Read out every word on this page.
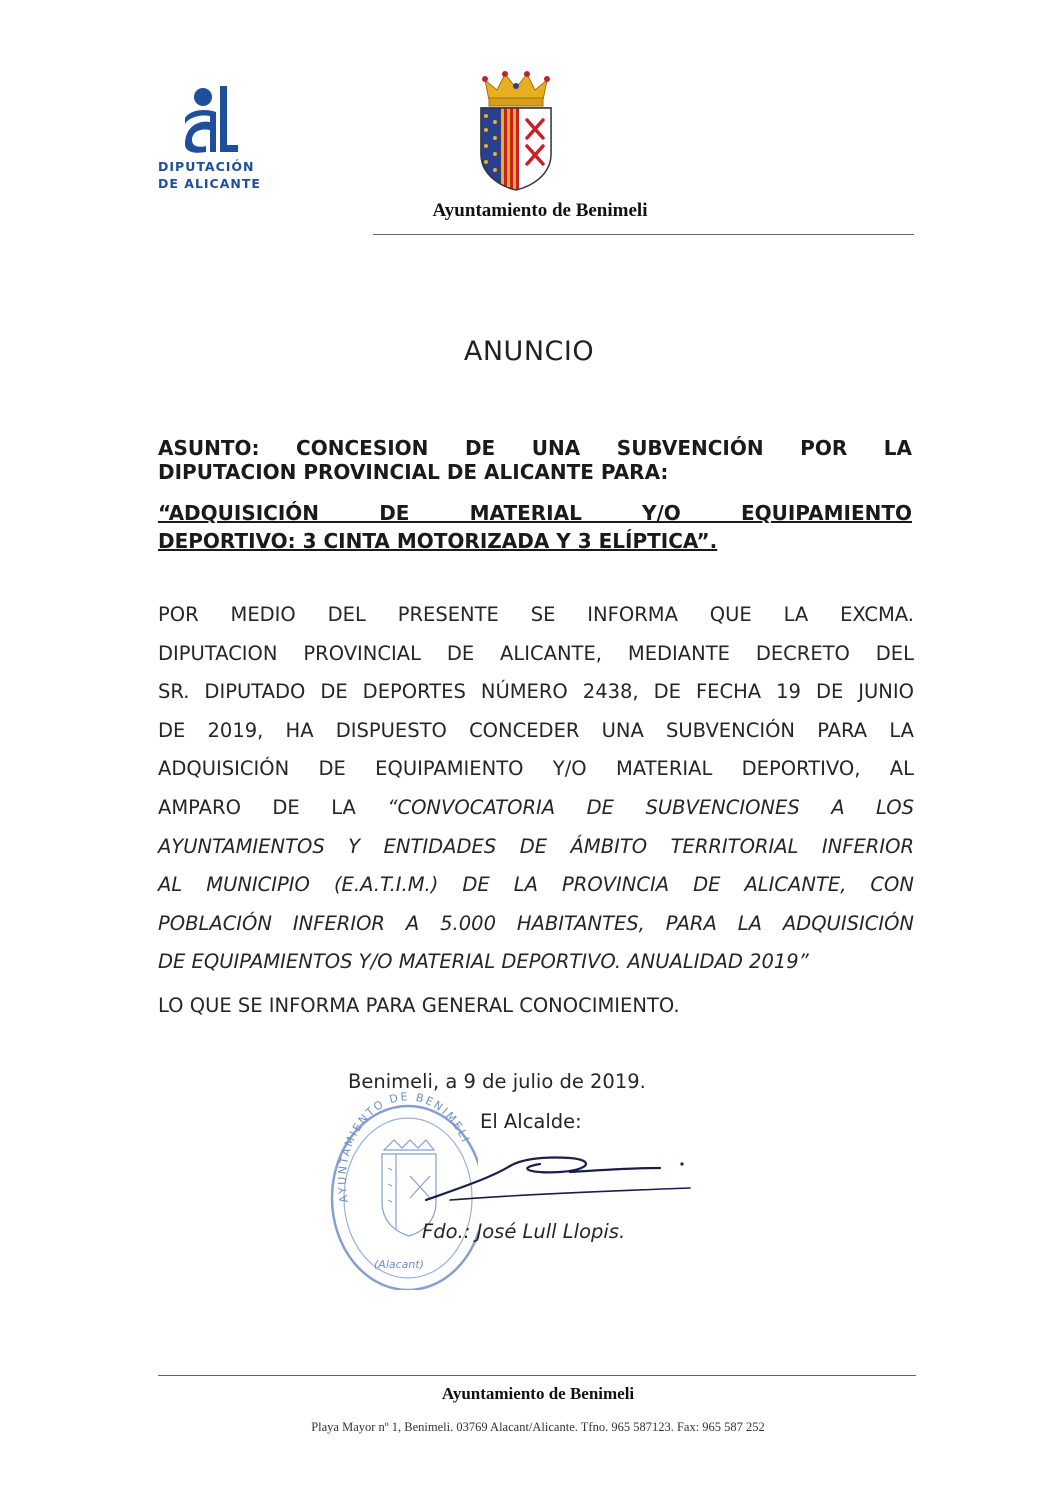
DIPUTACIÓN
DE ALICANTE
Ayuntamiento de Benimeli
ANUNCIO
ASUNTO: CONCESION DE UNA SUBVENCIÓN POR LA
DIPUTACION PROVINCIAL DE ALICANTE PARA:
“ADQUISICIÓN DE MATERIAL Y/O EQUIPAMIENTO
DEPORTIVO: 3 CINTA MOTORIZADA Y 3 ELÍPTICA”.
POR MEDIO DEL PRESENTE SE INFORMA QUE LA EXCMA.
DIPUTACION PROVINCIAL DE ALICANTE, MEDIANTE DECRETO DEL
SR. DIPUTADO DE DEPORTES NÚMERO 2438, DE FECHA 19 DE JUNIO
DE 2019, HA DISPUESTO CONCEDER UNA SUBVENCIÓN PARA LA
ADQUISICIÓN DE EQUIPAMIENTO Y/O MATERIAL DEPORTIVO, AL
AMPARO DE LA “CONVOCATORIA DE SUBVENCIONES A LOS
AYUNTAMIENTOS Y ENTIDADES DE ÁMBITO TERRITORIAL INFERIOR
AL MUNICIPIO (E.A.T.I.M.) DE LA PROVINCIA DE ALICANTE, CON
POBLACIÓN INFERIOR A 5.000 HABITANTES, PARA LA ADQUISICIÓN
DE EQUIPAMIENTOS Y/O MATERIAL DEPORTIVO. ANUALIDAD 2019”
LO QUE SE INFORMA PARA GENERAL CONOCIMIENTO.
AYUNTAMIENTO DE BENIMELI
(Alacant)
Benimeli, a 9 de julio de 2019.
El Alcalde:
Fdo.: José Lull Llopis.
Ayuntamiento de Benimeli
Playa Mayor nº 1, Benimeli. 03769 Alacant/Alicante. Tfno. 965 587123. Fax: 965 587 252
